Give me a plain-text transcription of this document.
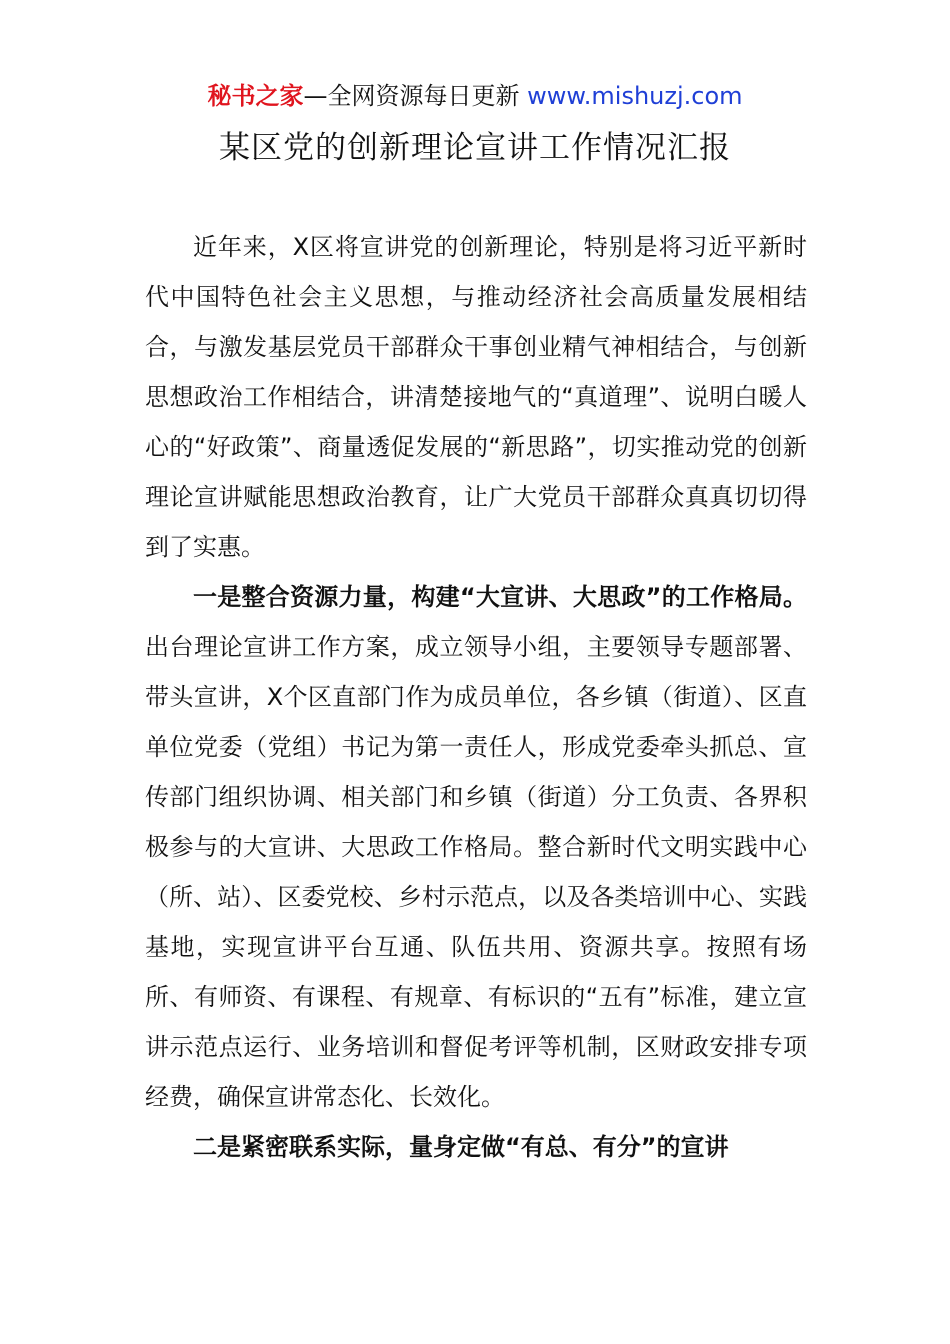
秘书之家—全网资源每日更新 www.mishuzj.com
某区党的创新理论宣讲工作情况汇报

近年来，X区将宣讲党的创新理论，特别是将习近平新时代中国特色社会主义思想，与推动经济社会高质量发展相结合，与激发基层党员干部群众干事创业精气神相结合，与创新思想政治工作相结合，讲清楚接地气的“真道理”、说明白暖人心的“好政策”、商量透促发展的“新思路”，切实推动党的创新理论宣讲赋能思想政治教育，让广大党员干部群众真真切切得到了实惠。

一是整合资源力量，构建“大宣讲、大思政”的工作格局。出台理论宣讲工作方案，成立领导小组，主要领导专题部署、带头宣讲，X个区直部门作为成员单位，各乡镇（街道）、区直单位党委（党组）书记为第一责任人，形成党委牵头抓总、宣传部门组织协调、相关部门和乡镇（街道）分工负责、各界积极参与的大宣讲、大思政工作格局。整合新时代文明实践中心（所、站）、区委党校、乡村示范点，以及各类培训中心、实践基地，实现宣讲平台互通、队伍共用、资源共享。按照有场所、有师资、有课程、有规章、有标识的“五有”标准，建立宣讲示范点运行、业务培训和督促考评等机制，区财政安排专项经费，确保宣讲常态化、长效化。

二是紧密联系实际，量身定做“有总、有分”的宣讲
